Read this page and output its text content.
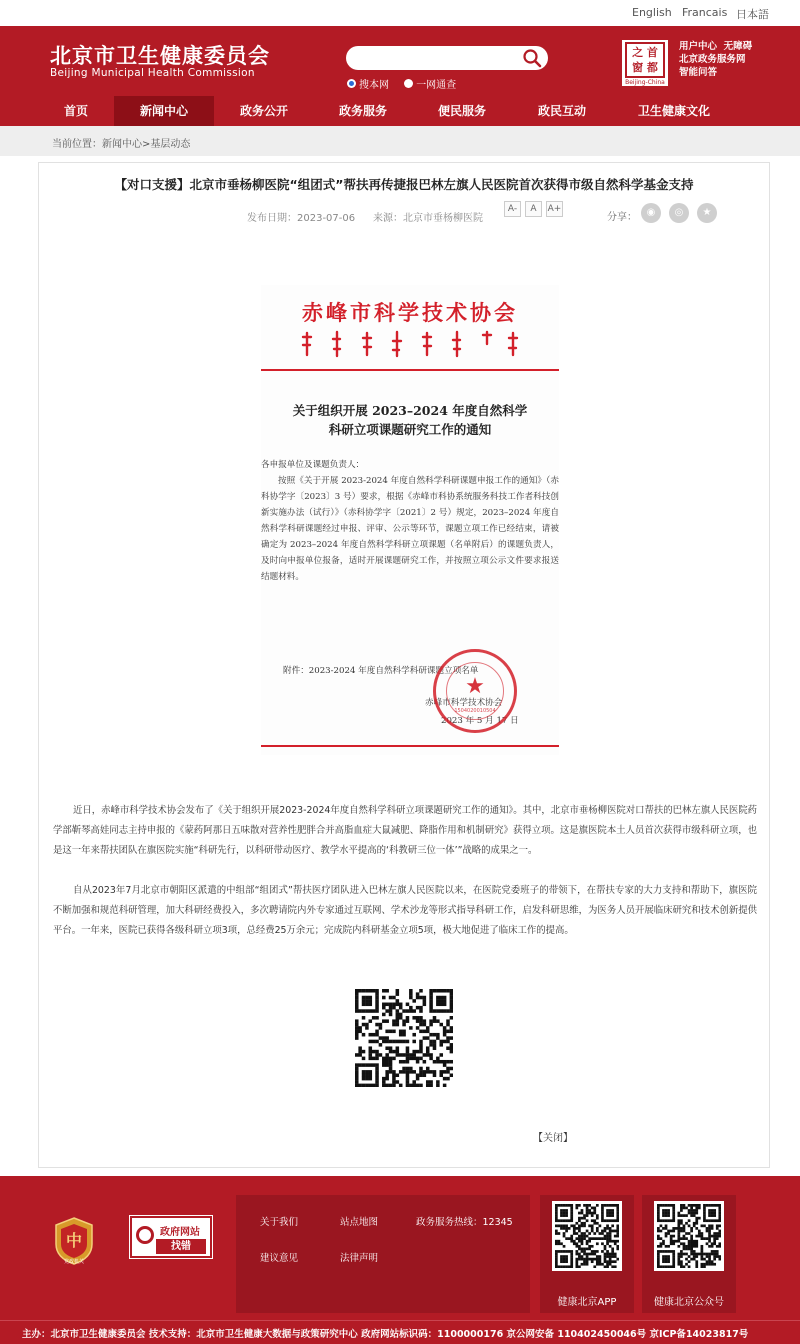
English Francais 日本語
北京市卫生健康委员会
Beijing Municipal Health Commission
搜本网
	一网通查
之 首
窗 都
Beijing-China
用户中心 无障碍
北京政务服务网
智能问答
首页	新闻中心	政务公开	政务服务	便民服务	政民互动	卫生健康文化
当前位置：新闻中心>基层动态
【对口支援】北京市垂杨柳医院“组团式”帮扶再传捷报巴林左旗人民医院首次获得市级自然科学基金支持
发布日期：2023-07-06 来源：北京市垂杨柳医院
A-	A	A+
分享： ◉	◎	★
赤峰市科学技术协会
关于组织开展 2023–2024 年度自然科学
科研立项课题研究工作的通知
各申报单位及课题负责人：
按照《关于开展 2023-2024 年度自然科学科研课题申报工作的通知》（赤科协学字〔2023〕3 号）要求，根据《赤峰市科协系统服务科技工作者科技创新实施办法（试行）》（赤科协学字〔2021〕2 号）规定，2023–2024 年度自然科学科研课题经过申报、评审、公示等环节，课题立项工作已经结束，请被确定为 2023–2024 年度自然科学科研立项课题（名单附后）的课题负责人，及时向申报单位报备，适时开展课题研究工作，并按照立项公示文件要求报送结题材料。
附件：2023-2024 年度自然科学科研课题立项名单
赤峰市科学技术协会
2023 年 5 月 17 日
★
1504020010504
近日，赤峰市科学技术协会发布了《关于组织开展2023-2024年度自然科学科研立项课题研究工作的通知》。其中，北京市垂杨柳医院对口帮扶的巴林左旗人民医院药学部靳琴高娃同志主持申报的《蒙药阿那日五味散对营养性肥胖合并高脂血症大鼠减肥、降脂作用和机制研究》获得立项。这是旗医院本土人员首次获得市级科研立项，也是这一年来帮扶团队在旗医院实施“科研先行，以科研带动医疗、教学水平提高的‘科教研三位一体’”战略的成果之一。
自从2023年7月北京市朝阳区派遣的中组部“组团式”帮扶医疗团队进入巴林左旗人民医院以来，在医院党委班子的带领下，在帮扶专家的大力支持和帮助下，旗医院不断加强和规范科研管理，加大科研经费投入，多次聘请院内外专家通过互联网、学术沙龙等形式指导科研工作，启发科研思维，为医务人员开展临床研究和技术创新提供平台。一年来，医院已获得各级科研立项3项，总经费25万余元；完成院内科研基金立项5项，极大地促进了临床工作的提高。
【关闭】
中
党政机关
政府网站
找错
关于我们	站点地图	政务服务热线：12345
建议意见	法律声明
健康北京APP	健康北京公众号
主办：北京市卫生健康委员会 技术支持：北京市卫生健康大数据与政策研究中心 政府网站标识码：1100000176 京公网安备 110402450046号 京ICP备14023817号
